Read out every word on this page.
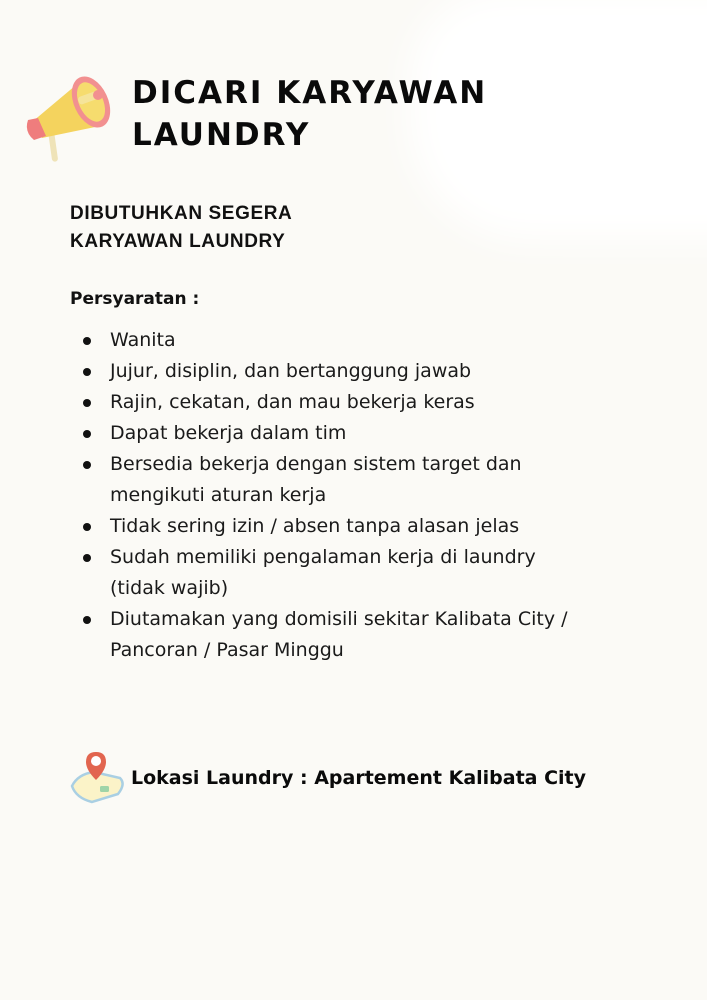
DICARI KARYAWAN
LAUNDRY
DIBUTUHKAN SEGERA
KARYAWAN LAUNDRY
Persyaratan :
Wanita
Jujur, disiplin, dan bertanggung jawab
Rajin, cekatan, dan mau bekerja keras
Dapat bekerja dalam tim
Bersedia bekerja dengan sistem target dan mengikuti aturan kerja
Tidak sering izin / absen tanpa alasan jelas
Sudah memiliki pengalaman kerja di laundry (tidak wajib)
Diutamakan yang domisili sekitar Kalibata City / Pancoran / Pasar Minggu
Lokasi Laundry : Apartement Kalibata City
